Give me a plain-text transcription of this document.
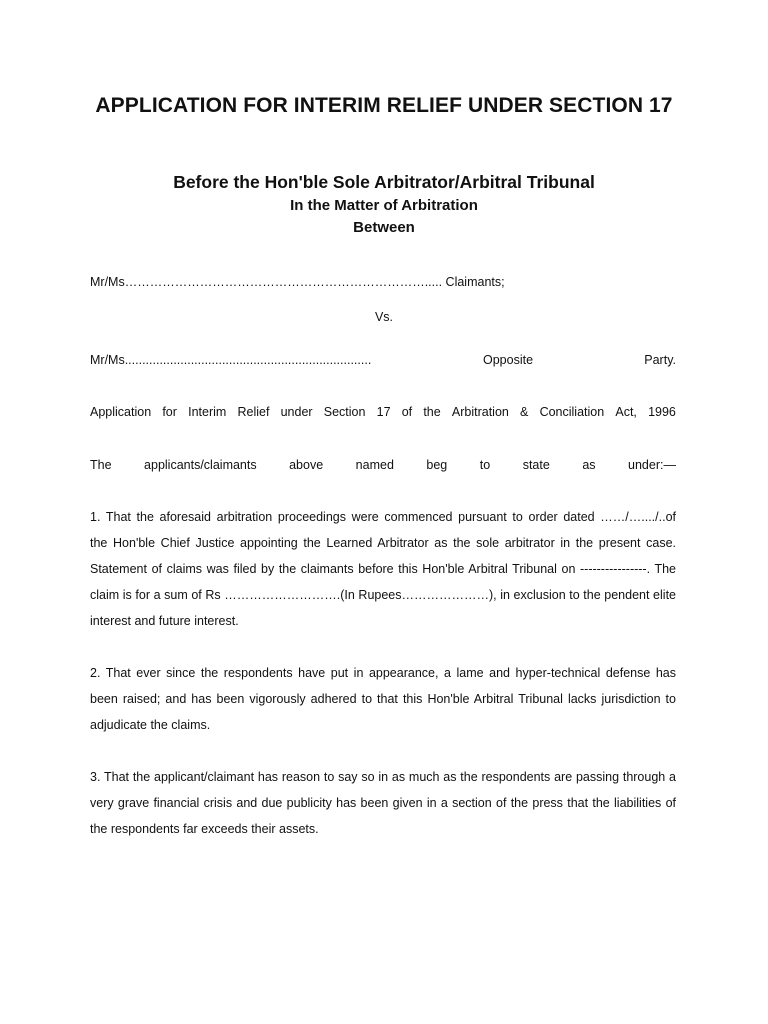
APPLICATION FOR INTERIM RELIEF UNDER SECTION 17
Before the Hon'ble Sole Arbitrator/Arbitral Tribunal
In the Matter of Arbitration
Between
Mr/Ms………………………………………………………………..... Claimants;
Vs.
Mr/Ms.......................................................................	Opposite	Party.
Application for Interim Relief under Section 17 of the Arbitration & Conciliation Act, 1996
The	applicants/claimants	above	named	beg	to	state	as	under:—
1. That the aforesaid arbitration proceedings were commenced pursuant to order dated ……/…..../..of
the Hon'ble Chief Justice appointing the Learned Arbitrator as the sole arbitrator in the present case.
Statement of claims was filed by the claimants before this Hon'ble Arbitral Tribunal on ----------------. The
claim is for a sum of Rs ……………………….(In Rupees…………………), in exclusion to the pendent elite
interest and future interest.
2. That ever since the respondents have put in appearance, a lame and hyper-technical defense has
been raised; and has been vigorously adhered to that this Hon'ble Arbitral Tribunal lacks jurisdiction to
adjudicate the claims.
3. That the applicant/claimant has reason to say so in as much as the respondents are passing through a
very grave financial crisis and due publicity has been given in a section of the press that the liabilities of
the respondents far exceeds their assets.
